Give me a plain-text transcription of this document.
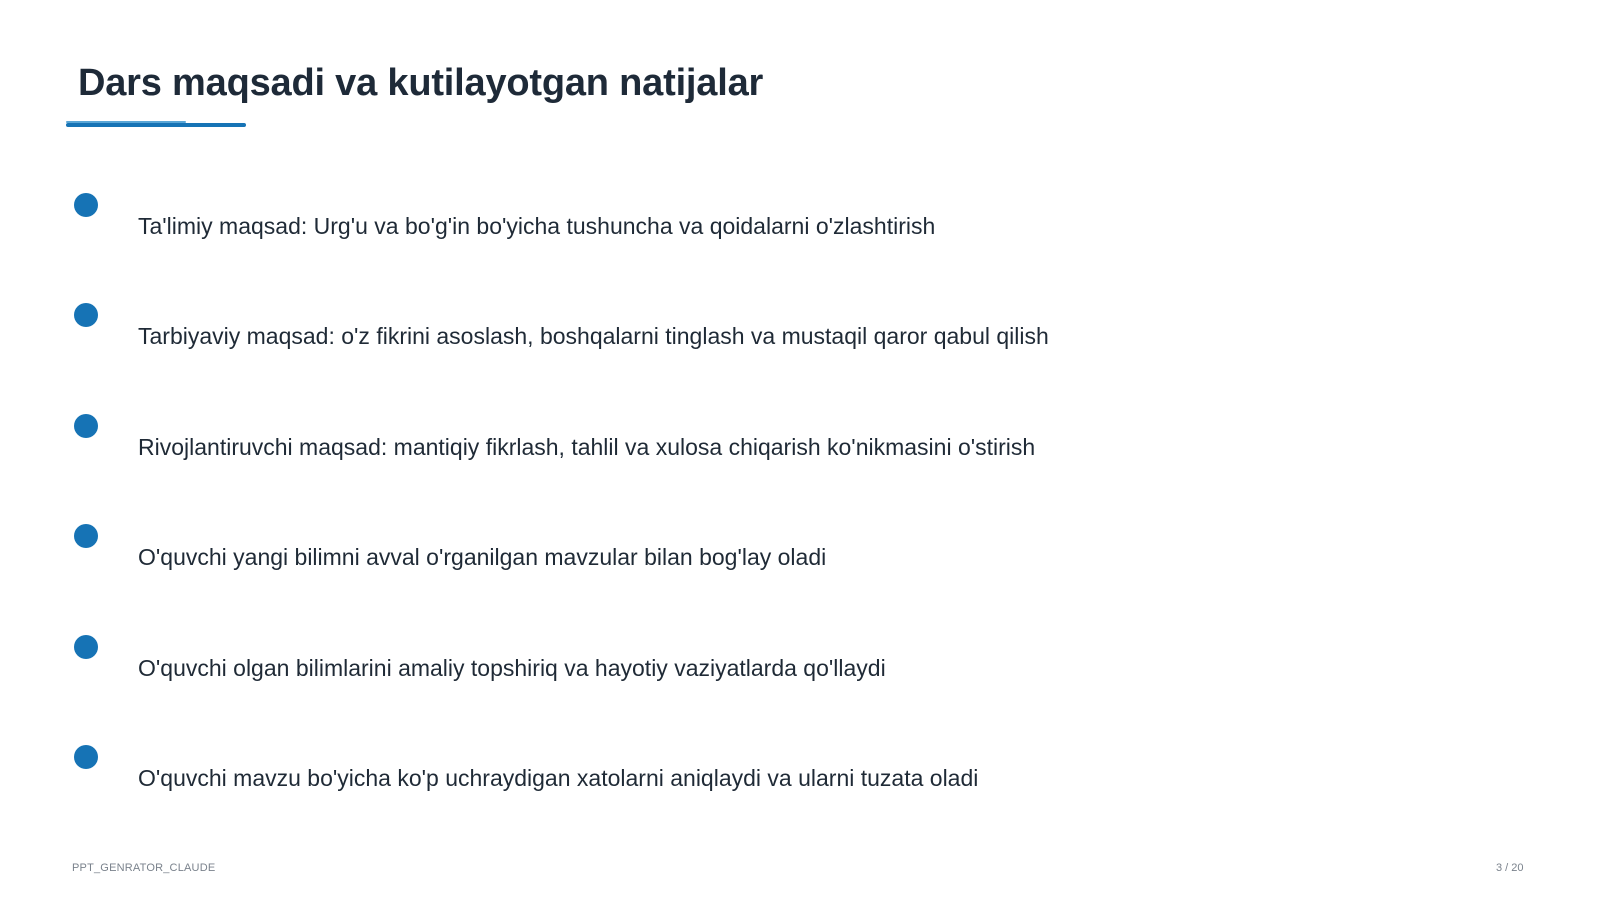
Dars maqsadi va kutilayotgan natijalar
Ta'limiy maqsad: Urg'u va bo'g'in bo'yicha tushuncha va qoidalarni o'zlashtirish
Tarbiyaviy maqsad: o'z fikrini asoslash, boshqalarni tinglash va mustaqil qaror qabul qilish
Rivojlantiruvchi maqsad: mantiqiy fikrlash, tahlil va xulosa chiqarish ko'nikmasini o'stirish
O'quvchi yangi bilimni avval o'rganilgan mavzular bilan bog'lay oladi
O'quvchi olgan bilimlarini amaliy topshiriq va hayotiy vaziyatlarda qo'llaydi
O'quvchi mavzu bo'yicha ko'p uchraydigan xatolarni aniqlaydi va ularni tuzata oladi
PPT_GENRATOR_CLAUDE	3 / 20
